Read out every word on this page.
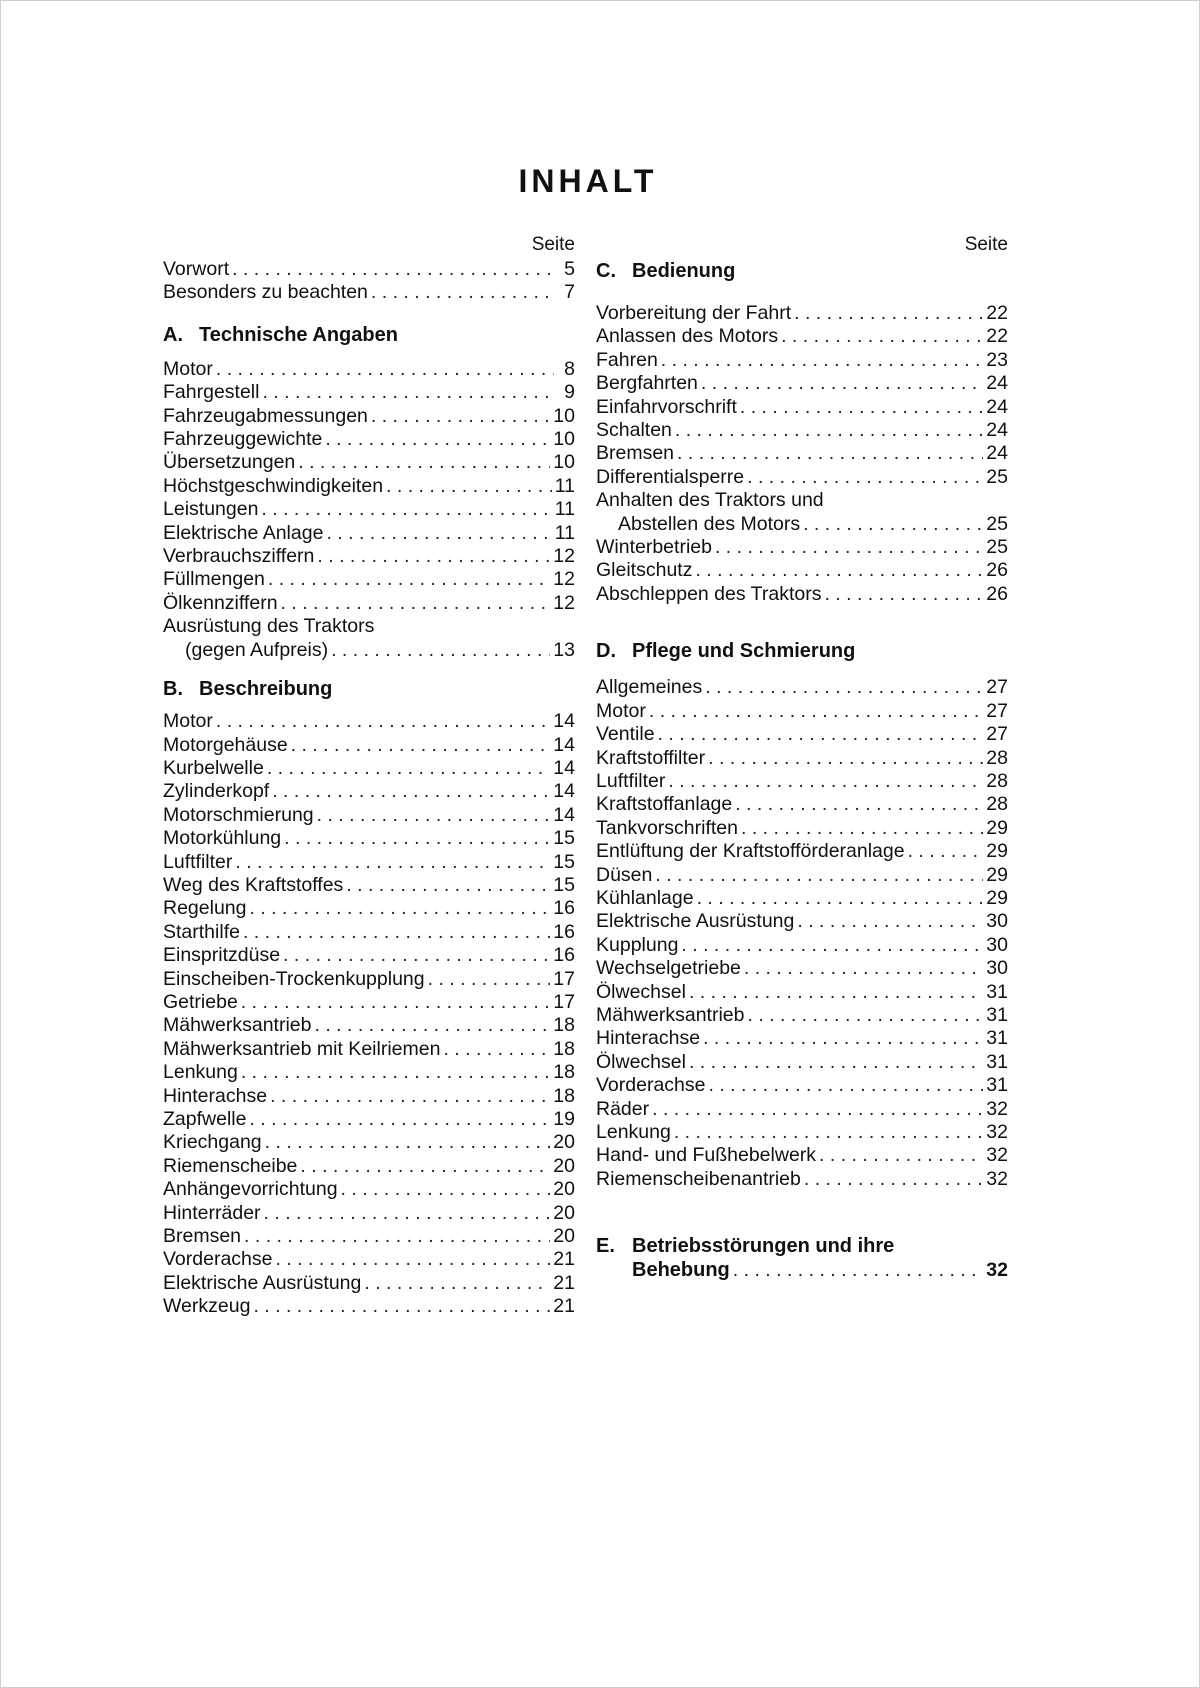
INHALT
Seite
Vorwort . . .	5
Besonders zu beachten . . .	7
A. Technische Angaben
Motor . . .	8
Fahrgestell . . .	9
Fahrzeugabmessungen . . .	10
Fahrzeuggewichte . . .	10
Übersetzungen . . .	10
Höchstgeschwindigkeiten . . .	11
Leistungen . . .	11
Elektrische Anlage . . .	11
Verbrauchsziffern . . .	12
Füllmengen . . .	12
Ölkennziffern . . .	12
Ausrüstung des Traktors
(gegen Aufpreis) . . .	13
B. Beschreibung
Motor . . .	14
Motorgehäuse . . .	14
Kurbelwelle . . .	14
Zylinderkopf . . .	14
Motorschmierung . . .	14
Motorkühlung . . .	15
Luftfilter . . .	15
Weg des Kraftstoffes . . .	15
Regelung . . .	16
Starthilfe . . .	16
Einspritzdüse . . .	16
Einscheiben-Trockenkupplung . . .	17
Getriebe . . .	17
Mähwerksantrieb . . .	18
Mähwerksantrieb mit Keilriemen . . .	18
Lenkung . . .	18
Hinterachse . . .	18
Zapfwelle . . .	19
Kriechgang . . .	20
Riemenscheibe . . .	20
Anhängevorrichtung . . .	20
Hinterräder . . .	20
Bremsen . . .	20
Vorderachse . . .	21
Elektrische Ausrüstung . . .	21
Werkzeug . . .	21
Seite
C. Bedienung
Vorbereitung der Fahrt . . .	22
Anlassen des Motors . . .	22
Fahren . . .	23
Bergfahrten . . .	24
Einfahrvorschrift . . .	24
Schalten . . .	24
Bremsen . . .	24
Differentialsperre . . .	25
Anhalten des Traktors und
Abstellen des Motors . . .	25
Winterbetrieb . . .	25
Gleitschutz . . .	26
Abschleppen des Traktors . . .	26
D. Pflege und Schmierung
Allgemeines . . .	27
Motor . . .	27
Ventile . . .	27
Kraftstoffilter . . .	28
Luftfilter . . .	28
Kraftstoffanlage . . .	28
Tankvorschriften . . .	29
Entlüftung der Kraftstofförderanlage . . .	29
Düsen . . .	29
Kühlanlage . . .	29
Elektrische Ausrüstung . . .	30
Kupplung . . .	30
Wechselgetriebe . . .	30
Ölwechsel . . .	31
Mähwerksantrieb . . .	31
Hinterachse . . .	31
Ölwechsel . . .	31
Vorderachse . . .	31
Räder . . .	32
Lenkung . . .	32
Hand- und Fußhebelwerk . . .	32
Riemenscheibenantrieb . . .	32
E. Betriebsstörungen und ihre
Behebung . . .	32
